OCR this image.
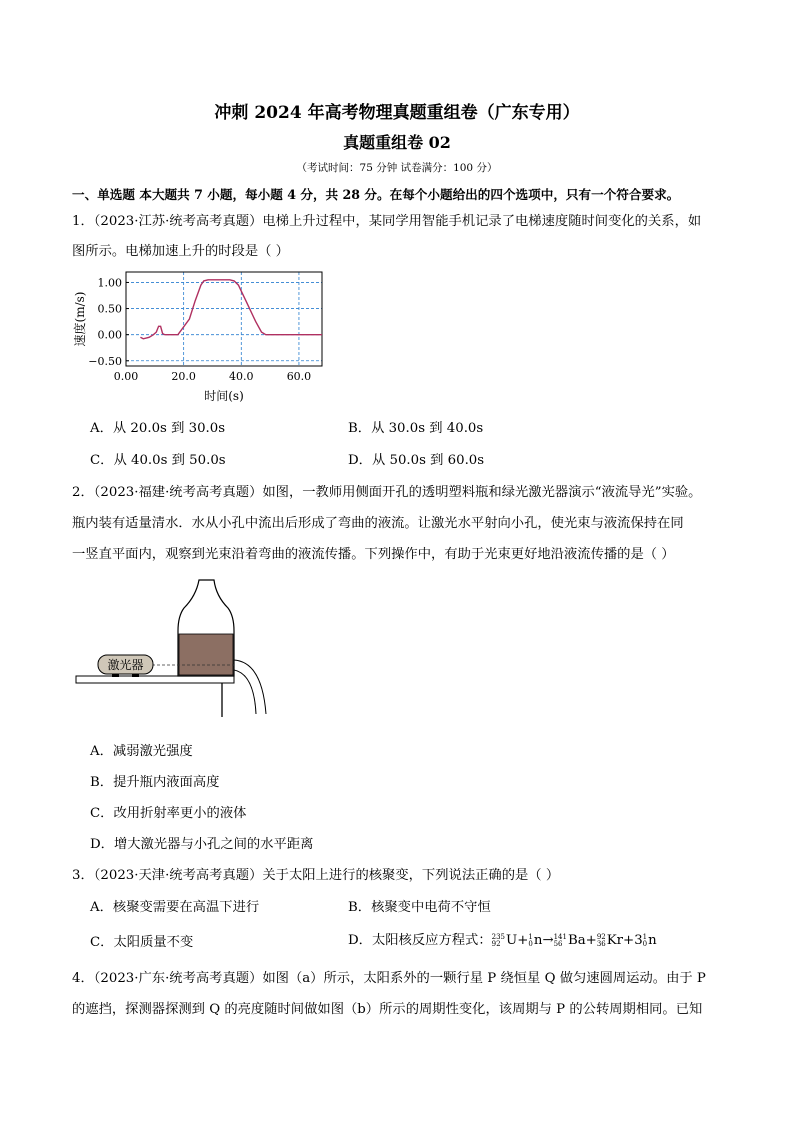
冲刺 2024 年高考物理真题重组卷（广东专用）
真题重组卷 02
（考试时间：75 分钟 试卷满分：100 分）
一、单选题 本大题共 7 小题，每小题 4 分，共 28 分。在每个小题给出的四个选项中，只有一个符合要求。
1．（2023·江苏·统考高考真题）电梯上升过程中，某同学用智能手机记录了电梯速度随时间变化的关系，如
图所示。电梯加速上升的时段是（ ）
1.00
0.50
0.00
−0.50
0.00	20.0	40.0	60.0
时间(s)
速度(m/s)
A．从 20.0s 到 30.0s	B．从 30.0s 到 40.0s
C．从 40.0s 到 50.0s	D．从 50.0s 到 60.0s
2．（2023·福建·统考高考真题）如图，一教师用侧面开孔的透明塑料瓶和绿光激光器演示“液流导光”实验。
瓶内装有适量清水．水从小孔中流出后形成了弯曲的液流。让激光水平射向小孔，使光束与液流保持在同
一竖直平面内，观察到光束沿着弯曲的液流传播。下列操作中，有助于光束更好地沿液流传播的是（ ）
激光器
A．减弱激光强度
B．提升瓶内液面高度
C．改用折射率更小的液体
D．增大激光器与小孔之间的水平距离
3．（2023·天津·统考高考真题）关于太阳上进行的核聚变，下列说法正确的是（ ）
A．核聚变需要在高温下进行	B．核聚变中电荷不守恒
C．太阳质量不变	D．太阳核反应方程式： 235
92 U+ 1
0 n→ 141
56 Ba+ 92
36 Kr+3 1
0 n
4．（2023·广东·统考高考真题）如图（a）所示，太阳系外的一颗行星 P 绕恒星 Q 做匀速圆周运动。由于 P
的遮挡，探测器探测到 Q 的亮度随时间做如图（b）所示的周期性变化，该周期与 P 的公转周期相同。已知
